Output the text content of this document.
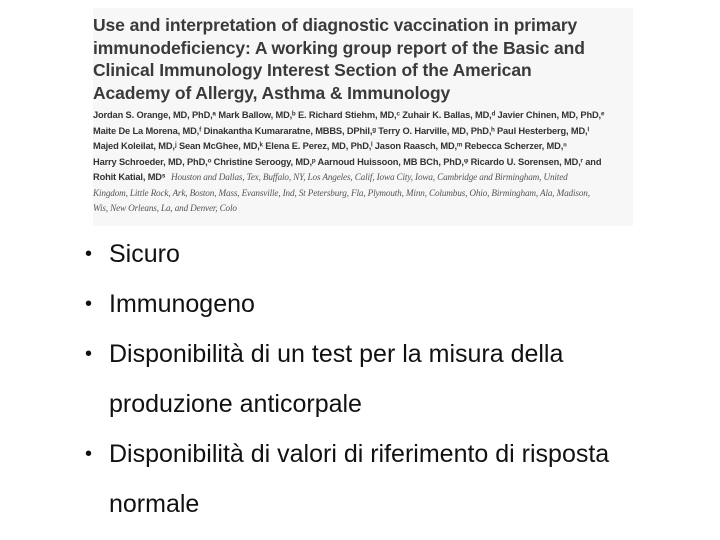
Use and interpretation of diagnostic vaccination in primary
immunodeficiency: A working group report of the Basic and
Clinical Immunology Interest Section of the American
Academy of Allergy, Asthma & Immunology
Jordan S. Orange, MD, PhD,ᵃ Mark Ballow, MD,ᵇ E. Richard Stiehm, MD,ᶜ Zuhair K. Ballas, MD,ᵈ Javier Chinen, MD, PhD,ᵉ
Maite De La Morena, MD,ᶠ Dinakantha Kumararatne, MBBS, DPhil,ᵍ Terry O. Harville, MD, PhD,ʰ Paul Hesterberg, MD,ⁱ
Majed Koleilat, MD,ʲ Sean McGhee, MD,ᵏ Elena E. Perez, MD, PhD,ˡ Jason Raasch, MD,ᵐ Rebecca Scherzer, MD,ⁿ
Harry Schroeder, MD, PhD,ᵒ Christine Seroogy, MD,ᵖ Aarnoud Huissoon, MB BCh, PhD,ᵠ Ricardo U. Sorensen, MD,ʳ and
Rohit Katial, MDˢ Houston and Dallas, Tex, Buffalo, NY, Los Angeles, Calif, Iowa City, Iowa, Cambridge and Birmingham, United
Kingdom, Little Rock, Ark, Boston, Mass, Evansville, Ind, St Petersburg, Fla, Plymouth, Minn, Columbus, Ohio, Birmingham, Ala, Madison,
Wis, New Orleans, La, and Denver, Colo
• Sicuro
• Immunogeno
• Disponibilità di un test per la misura della
produzione anticorpale
• Disponibilità di valori di riferimento di risposta
normale
